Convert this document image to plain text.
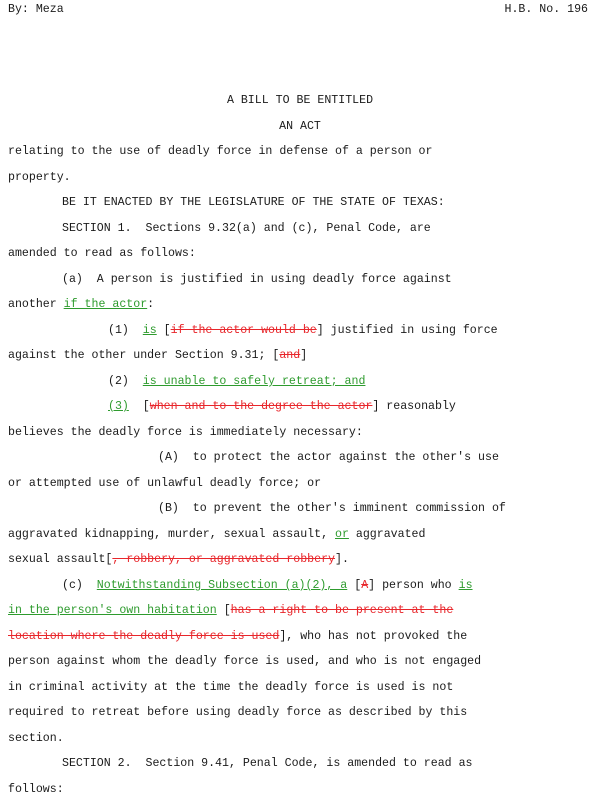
By: Meza	H.B. No. 196
A BILL TO BE ENTITLED
AN ACT
relating to the use of deadly force in defense of a person or
property.
BE IT ENACTED BY THE LEGISLATURE OF THE STATE OF TEXAS:
SECTION 1.  Sections 9.32(a) and (c), Penal Code, are
amended to read as follows:
(a)  A person is justified in using deadly force against
another if the actor:
(1)  is [if the actor would be] justified in using force
against the other under Section 9.31; [and]
(2)  is unable to safely retreat; and
(3)  [when and to the degree the actor] reasonably
believes the deadly force is immediately necessary:
(A)  to protect the actor against the other's use
or attempted use of unlawful deadly force; or
(B)  to prevent the other's imminent commission of
aggravated kidnapping, murder, sexual assault, or aggravated
sexual assault[, robbery, or aggravated robbery].
(c)  Notwithstanding Subsection (a)(2), a [A] person who is
in the person's own habitation [has a right to be present at the
location where the deadly force is used], who has not provoked the
person against whom the deadly force is used, and who is not engaged
in criminal activity at the time the deadly force is used is not
required to retreat before using deadly force as described by this
section.
SECTION 2.  Section 9.41, Penal Code, is amended to read as
follows:
